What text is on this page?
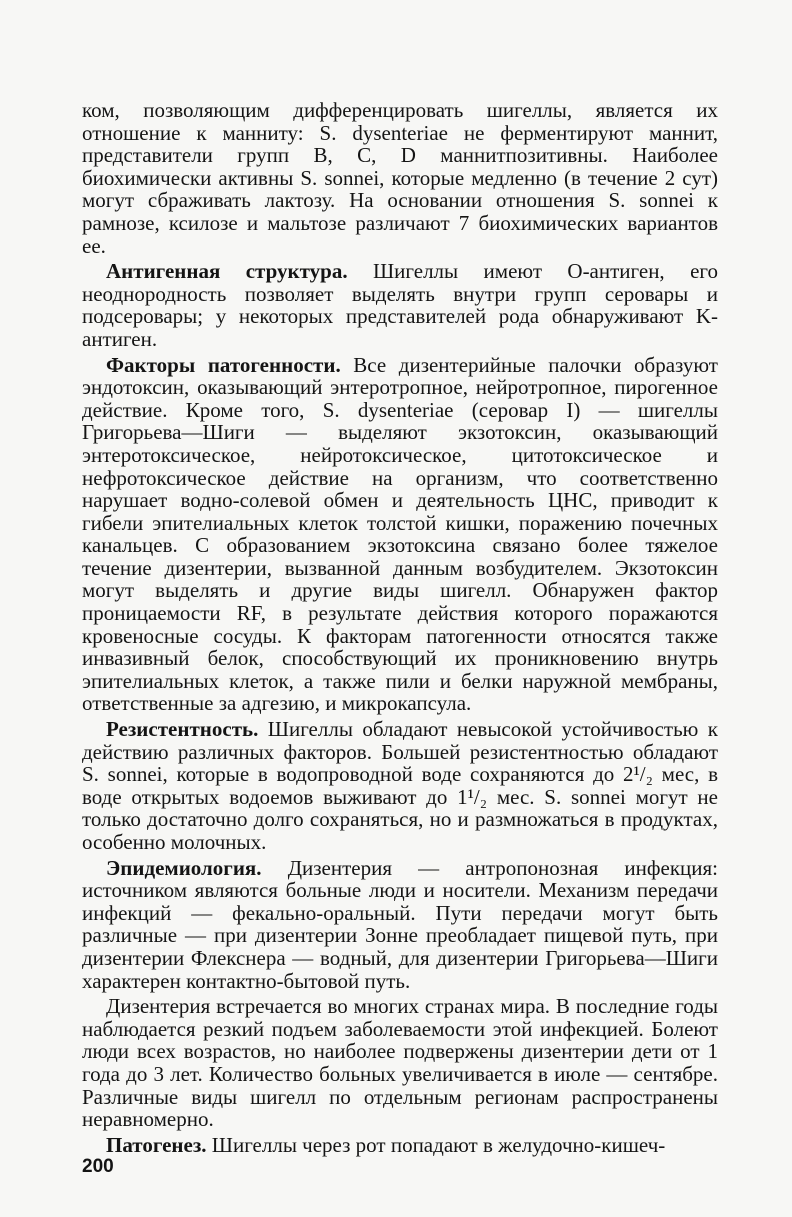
ком, позволяющим дифференцировать шигеллы, является их отношение к манниту: S. dysenteriae не ферментируют маннит, представители групп B, C, D маннитпозитивны. Наиболее биохимически активны S. sonnei, которые медленно (в течение 2 сут) могут сбраживать лактозу. На основании отношения S. sonnei к рамнозе, ксилозе и мальтозе различают 7 биохимических вариантов ее.

Антигенная структура. Шигеллы имеют О-антиген, его неоднородность позволяет выделять внутри групп серовары и подсеровары; у некоторых представителей рода обнаруживают K-антиген.

Факторы патогенности. Все дизентерийные палочки образуют эндотоксин, оказывающий энтеротропное, нейротропное, пирогенное действие. Кроме того, S. dysenteriae (серовар I) — шигеллы Григорьева—Шиги — выделяют экзотоксин, оказывающий энтеротоксическое, нейротоксическое, цитотоксическое и нефротоксическое действие на организм, что соответственно нарушает водно-солевой обмен и деятельность ЦНС, приводит к гибели эпителиальных клеток толстой кишки, поражению почечных канальцев. С образованием экзотоксина связано более тяжелое течение дизентерии, вызванной данным возбудителем. Экзотоксин могут выделять и другие виды шигелл. Обнаружен фактор проницаемости RF, в результате действия которого поражаются кровеносные сосуды. К факторам патогенности относятся также инвазивный белок, способствующий их проникновению внутрь эпителиальных клеток, а также пили и белки наружной мембраны, ответственные за адгезию, и микрокапсула.

Резистентность. Шигеллы обладают невысокой устойчивостью к действию различных факторов. Большей резистентностью обладают S. sonnei, которые в водопроводной воде сохраняются до 2¹/₂ мес, в воде открытых водоемов выживают до 1¹/₂ мес. S. sonnei могут не только достаточно долго сохраняться, но и размножаться в продуктах, особенно молочных.

Эпидемиология. Дизентерия — антропонозная инфекция: источником являются больные люди и носители. Механизм передачи инфекций — фекально-оральный. Пути передачи могут быть различные — при дизентерии Зонне преобладает пищевой путь, при дизентерии Флекснера — водный, для дизентерии Григорьева—Шиги характерен контактно-бытовой путь.

Дизентерия встречается во многих странах мира. В последние годы наблюдается резкий подъем заболеваемости этой инфекцией. Болеют люди всех возрастов, но наиболее подвержены дизентерии дети от 1 года до 3 лет. Количество больных увеличивается в июле — сентябре. Различные виды шигелл по отдельным регионам распространены неравномерно.

Патогенез. Шигеллы через рот попадают в желудочно-кишеч-

200
